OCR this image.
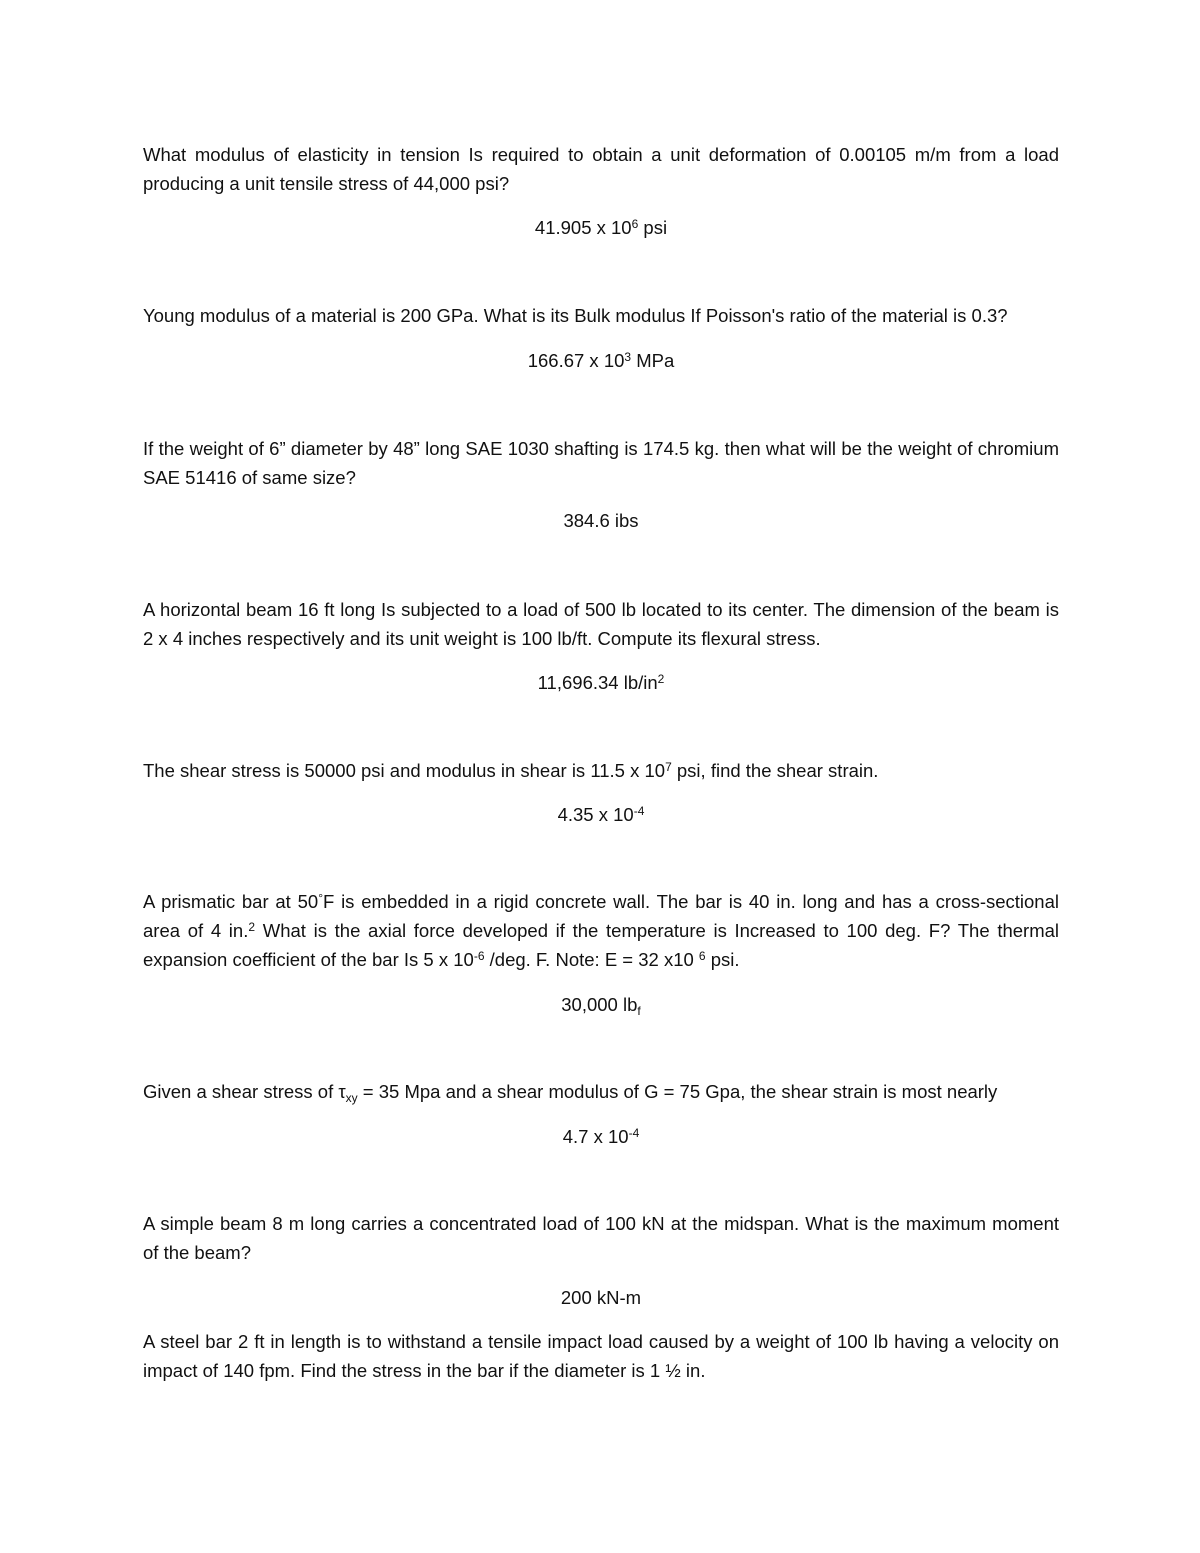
What modulus of elasticity in tension Is required to obtain a unit deformation of 0.00105 m/m from a load producing a unit tensile stress of 44,000 psi?
41.905 x $10^6$ psi
Young modulus of a material is 200 GPa. What is its Bulk modulus If Poisson's ratio of the material is 0.3?
166.67 x $10^3$ MPa
If the weight of 6” diameter by 48” long SAE 1030 shafting is 174.5 kg. then what will be the weight of chromium SAE 51416 of same size?
384.6 ibs
A horizontal beam 16 ft long Is subjected to a load of 500 lb located to its center. The dimension of the beam is 2 x 4 inches respectively and its unit weight is 100 lb/ft. Compute its flexural stress.
11,696.34 $lb/in^2$
The shear stress is 50000 psi and modulus in shear is 11.5 x $10^7$ psi, find the shear strain.
4.35 x $10^{-4}$
A prismatic bar at 50°F is embedded in a rigid concrete wall. The bar is 40 in. long and has a cross-sectional area of 4 in.$^2$ What is the axial force developed if the temperature is Increased to 100 deg. F? The thermal expansion coefficient of the bar Is 5 x $10^{-6}$ /deg. F. Note: E = 32 x10 $^6$ psi.
30,000 $lb_f$
Given a shear stress of $\tau_{xy} = 35$ Mpa and a shear modulus of G = 75 Gpa, the shear strain is most nearly
4.7 x $10^{-4}$
A simple beam 8 m long carries a concentrated load of 100 kN at the midspan. What is the maximum moment of the beam?
200 kN-m
A steel bar 2 ft in length is to withstand a tensile impact load caused by a weight of 100 lb having a velocity on impact of 140 fpm. Find the stress in the bar if the diameter is 1 ½ in.
